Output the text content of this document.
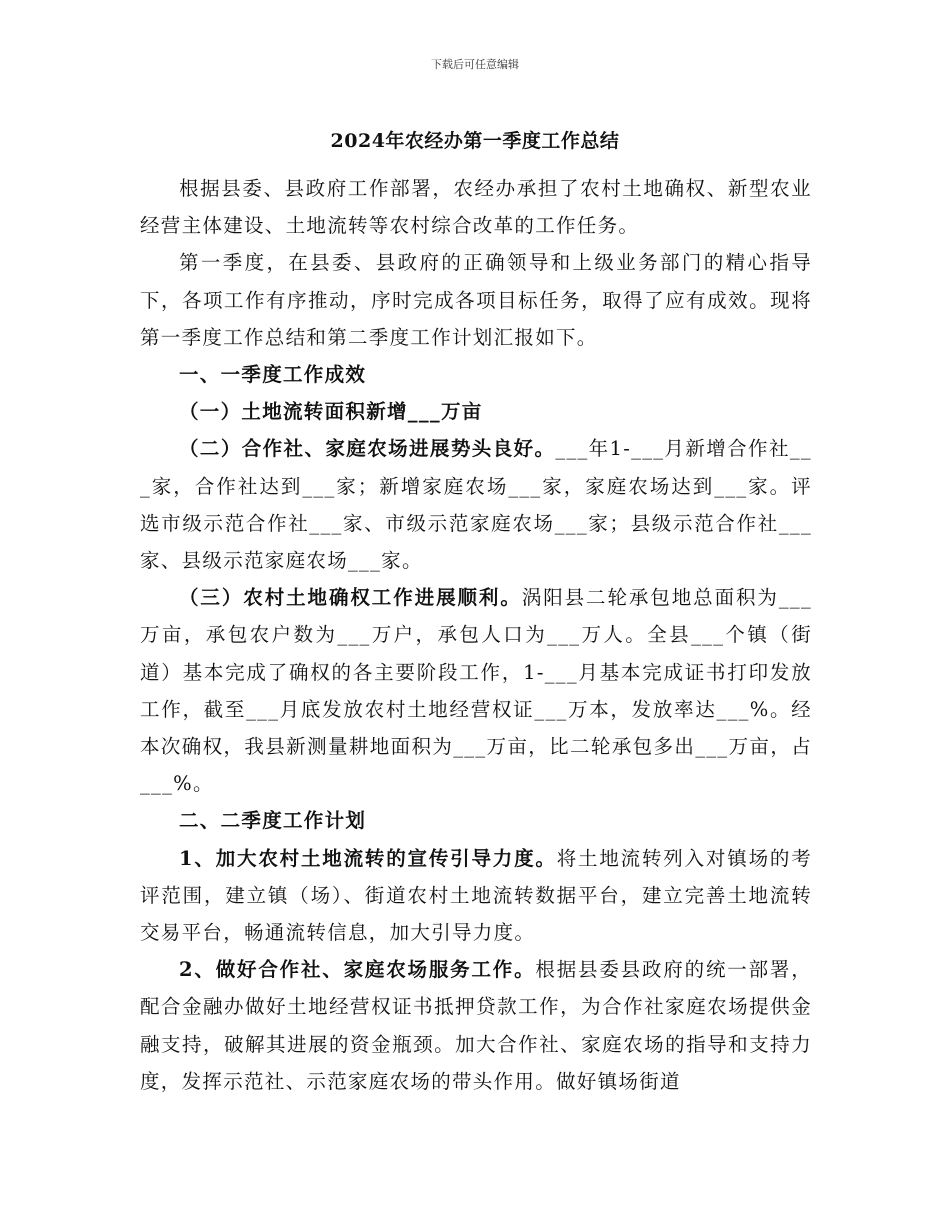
下载后可任意编辑
2024年农经办第一季度工作总结

根据县委、县政府工作部署，农经办承担了农村土地确权、新型农业经营主体建设、土地流转等农村综合改革的工作任务。

第一季度，在县委、县政府的正确领导和上级业务部门的精心指导下，各项工作有序推动，序时完成各项目标任务，取得了应有成效。现将第一季度工作总结和第二季度工作计划汇报如下。

一、一季度工作成效

（一）土地流转面积新增___万亩

（二）合作社、家庭农场进展势头良好。___年1-___月新增合作社___家，合作社达到___家；新增家庭农场___家，家庭农场达到___家。评选市级示范合作社___家、市级示范家庭农场___家；县级示范合作社___家、县级示范家庭农场___家。

（三）农村土地确权工作进展顺利。涡阳县二轮承包地总面积为___万亩，承包农户数为___万户，承包人口为___万人。全县___个镇（街道）基本完成了确权的各主要阶段工作，1-___月基本完成证书打印发放工作，截至___月底发放农村土地经营权证___万本，发放率达___%。经本次确权，我县新测量耕地面积为___万亩，比二轮承包多出___万亩，占___%。

二、二季度工作计划

1、加大农村土地流转的宣传引导力度。将土地流转列入对镇场的考评范围，建立镇（场）、街道农村土地流转数据平台，建立完善土地流转交易平台，畅通流转信息，加大引导力度。

2、做好合作社、家庭农场服务工作。根据县委县政府的统一部署，配合金融办做好土地经营权证书抵押贷款工作，为合作社家庭农场提供金融支持，破解其进展的资金瓶颈。加大合作社、家庭农场的指导和支持力度，发挥示范社、示范家庭农场的带头作用。做好镇场街道
